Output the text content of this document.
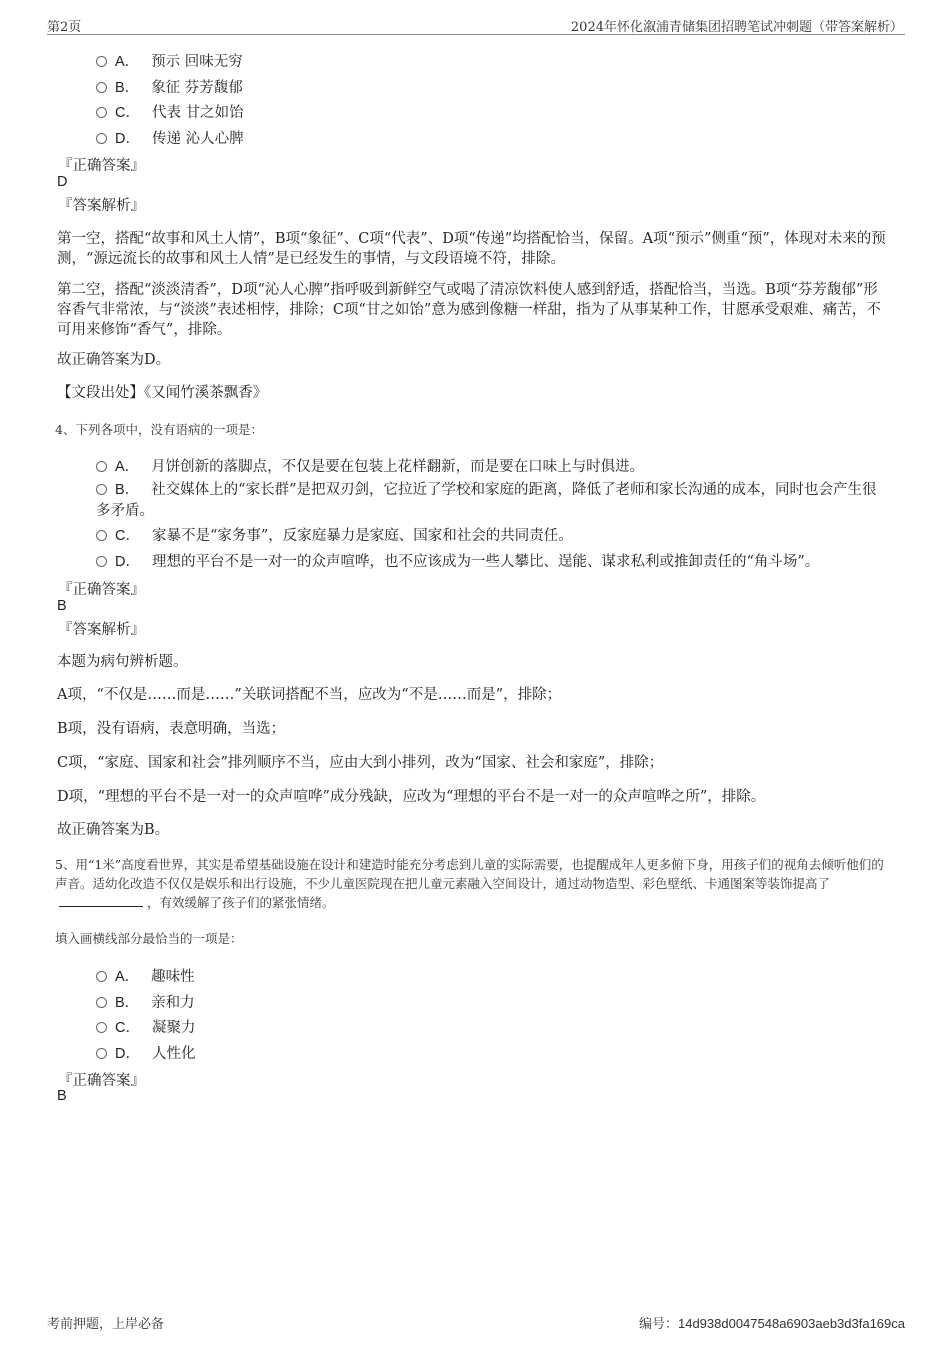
第2页	2024年怀化溆浦青储集团招聘笔试冲刺题（带答案解析）
A． 预示 回味无穷
B． 象征 芬芳馥郁
C． 代表 甘之如饴
D． 传递 沁人心脾
『正确答案』
D
『答案解析』
第一空，搭配“故事和风土人情”，B项“象征”、C项“代表”、D项“传递”均搭配恰当，保留。A项“预示”侧重“预”，体现对未来的预测，“源远流长的故事和风土人情”是已经发生的事情，与文段语境不符，排除。
第二空，搭配“淡淡清香”，D项“沁人心脾”指呼吸到新鲜空气或喝了清凉饮料使人感到舒适，搭配恰当，当选。B项“芬芳馥郁”形容香气非常浓，与“淡淡”表述相悖，排除；C项“甘之如饴”意为感到像糖一样甜，指为了从事某种工作，甘愿承受艰难、痛苦，不可用来修饰“香气”，排除。
故正确答案为D。
【文段出处】《又闻竹溪茶飘香》
4、下列各项中，没有语病的一项是：
A． 月饼创新的落脚点，不仅是要在包装上花样翻新，而是要在口味上与时俱进。
B． 社交媒体上的“家长群”是把双刃剑，它拉近了学校和家庭的距离，降低了老师和家长沟通的成本，同时也会产生很多矛盾。
C． 家暴不是“家务事”，反家庭暴力是家庭、国家和社会的共同责任。
D． 理想的平台不是一对一的众声喧哗，也不应该成为一些人攀比、逞能、谋求私利或推卸责任的“角斗场”。
『正确答案』
B
『答案解析』
本题为病句辨析题。
A项，“不仅是……而是……”关联词搭配不当，应改为“不是……而是”，排除；
B项，没有语病，表意明确，当选；
C项，“家庭、国家和社会”排列顺序不当，应由大到小排列，改为“国家、社会和家庭”，排除；
D项，“理想的平台不是一对一的众声喧哗”成分残缺，应改为“理想的平台不是一对一的众声喧哗之所”，排除。
故正确答案为B。
5、用“1米”高度看世界，其实是希望基础设施在设计和建造时能充分考虑到儿童的实际需要，也提醒成年人更多俯下身，用孩子们的视角去倾听他们的声音。适幼化改造不仅仅是娱乐和出行设施，不少儿童医院现在把儿童元素融入空间设计，通过动物造型、彩色壁纸、卡通图案等装饰提高了，有效缓解了孩子们的紧张情绪。
填入画横线部分最恰当的一项是：
A． 趣味性
B． 亲和力
C． 凝聚力
D． 人性化
『正确答案』
B
考前押题，上岸必备	编号：14d938d0047548a6903aeb3d3fa169ca
